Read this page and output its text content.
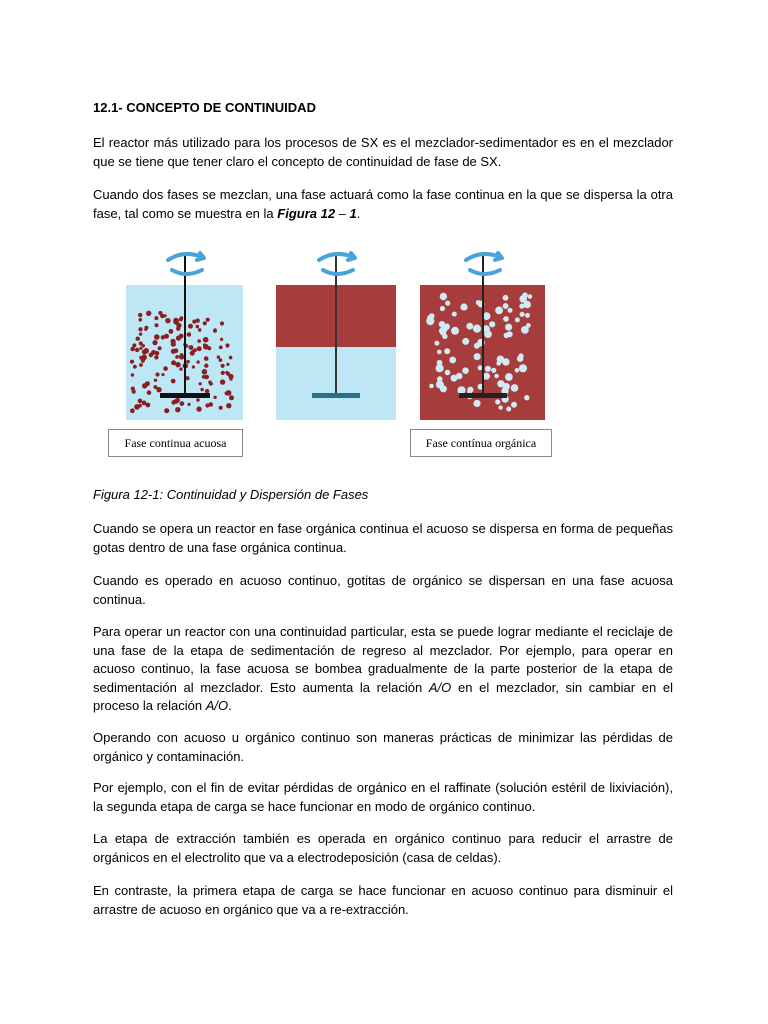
12.1- CONCEPTO DE CONTINUIDAD

El reactor más utilizado para los procesos de SX es el mezclador-sedimentador es en el mezclador que se tiene que tener claro el concepto de continuidad de fase de SX.

Cuando dos fases se mezclan, una fase actuará como la fase continua en la que se dispersa la otra fase, tal como se muestra en la Figura 12 – 1.

Fase continua acuosa	Fase contínua orgánica
Figura 12-1: Continuidad y Dispersión de Fases

Cuando se opera un reactor en fase orgánica continua el acuoso se dispersa en forma de pequeñas gotas dentro de una fase orgánica continua.

Cuando es operado en acuoso continuo, gotitas de orgánico se dispersan en una fase acuosa continua.

Para operar un reactor con una continuidad particular, esta se puede lograr mediante el reciclaje de una fase de la etapa de sedimentación de regreso al mezclador. Por ejemplo, para operar en acuoso continuo, la fase acuosa se bombea gradualmente de la parte posterior de la etapa de sedimentación al mezclador. Esto aumenta la relación A/O en el mezclador, sin cambiar en el proceso la relación A/O.

Operando con acuoso u orgánico continuo son maneras prácticas de minimizar las pérdidas de orgánico y contaminación.

Por ejemplo, con el fin de evitar pérdidas de orgánico en el raffinate (solución estéril de lixiviación), la segunda etapa de carga se hace funcionar en modo de orgánico continuo.

La etapa de extracción también es operada en orgánico continuo para reducir el arrastre de orgánicos en el electrolito que va a electrodeposición (casa de celdas).

En contraste, la primera etapa de carga se hace funcionar en acuoso continuo para disminuir el arrastre de acuoso en orgánico que va a re-extracción.
